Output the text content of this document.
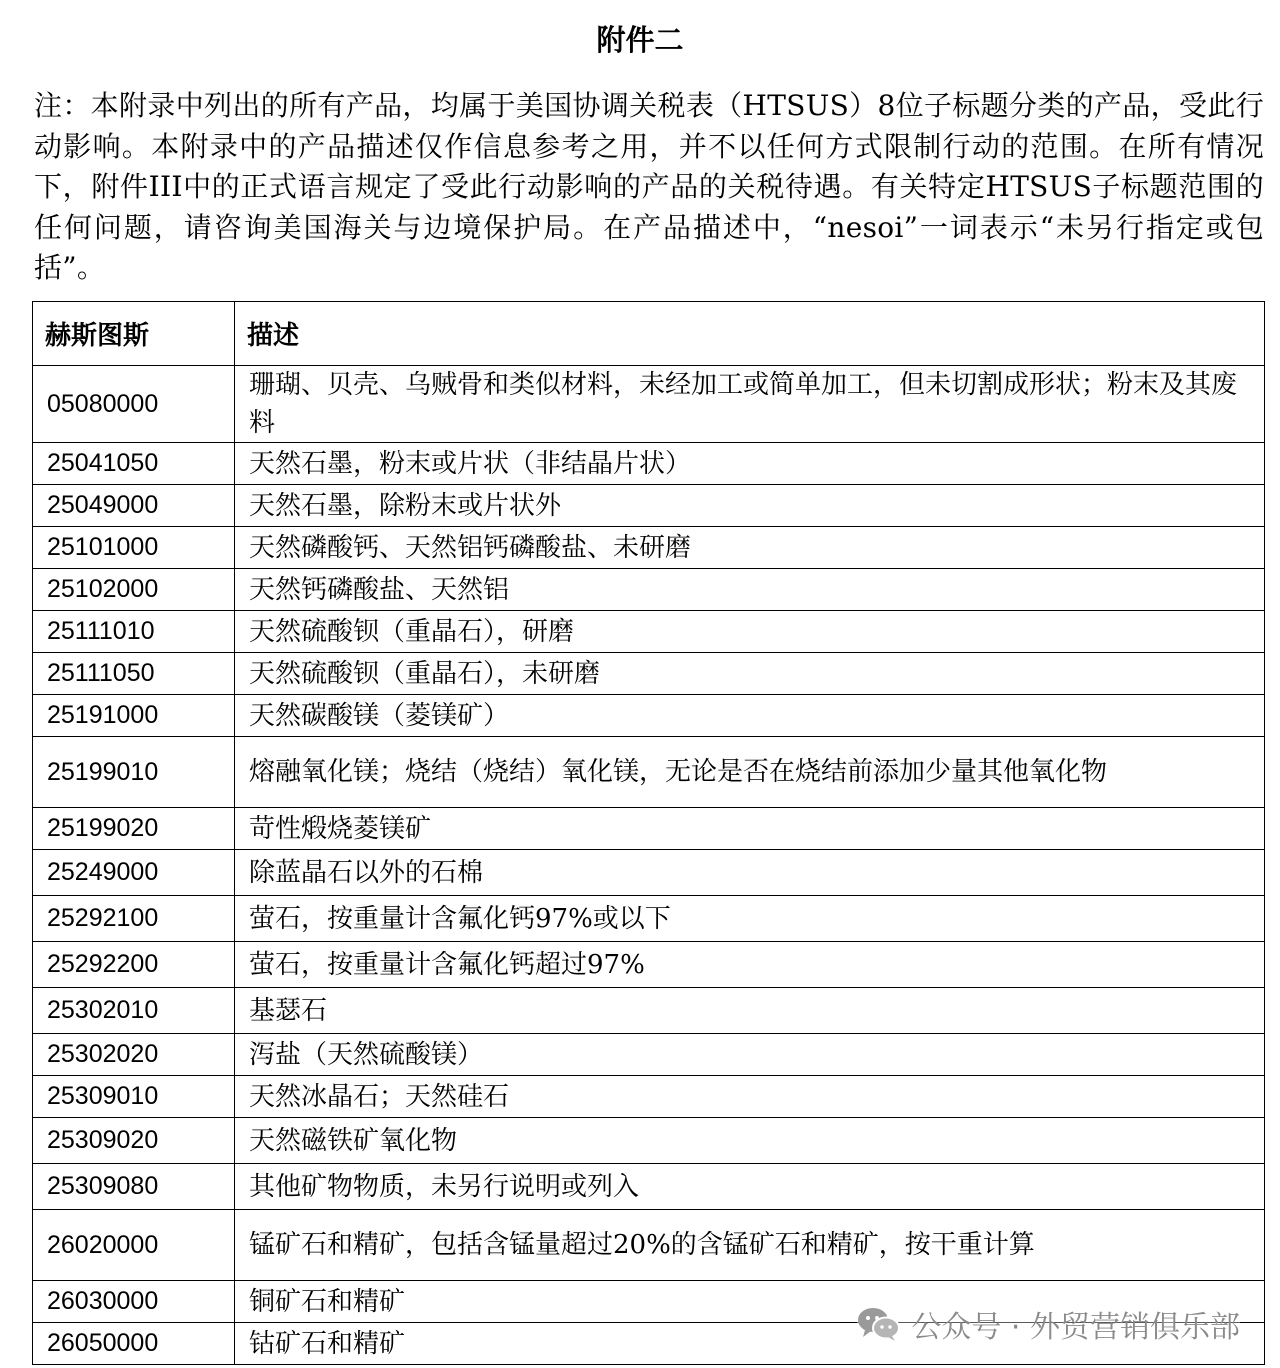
附件二
注：本附录中列出的所有产品，均属于美国协调关税表（HTSUS）8位子标题分类的产品，受此行动影响。本附录中的产品描述仅作信息参考之用，并不以任何方式限制行动的范围。在所有情况下，附件III中的正式语言规定了受此行动影响的产品的关税待遇。有关特定HTSUS子标题范围的任何问题，请咨询美国海关与边境保护局。在产品描述中，“nesoi”一词表示“未另行指定或包括”。
赫斯图斯	描述
05080000	珊瑚、贝壳、乌贼骨和类似材料，未经加工或简单加工，但未切割成形状；粉末及其废料
25041050	天然石墨，粉末或片状（非结晶片状）
25049000	天然石墨，除粉末或片状外
25101000	天然磷酸钙、天然铝钙磷酸盐、未研磨
25102000	天然钙磷酸盐、天然铝
25111010	天然硫酸钡（重晶石），研磨
25111050	天然硫酸钡（重晶石），未研磨
25191000	天然碳酸镁（菱镁矿）
25199010	熔融氧化镁；烧结（烧结）氧化镁，无论是否在烧结前添加少量其他氧化物
25199020	苛性煅烧菱镁矿
25249000	除蓝晶石以外的石棉
25292100	萤石，按重量计含氟化钙97%或以下
25292200	萤石，按重量计含氟化钙超过97%
25302010	基瑟石
25302020	泻盐（天然硫酸镁）
25309010	天然冰晶石；天然硅石
25309020	天然磁铁矿氧化物
25309080	其他矿物物质，未另行说明或列入
26020000	锰矿石和精矿，包括含锰量超过20%的含锰矿石和精矿，按干重计算
26030000	铜矿石和精矿
26050000	钴矿石和精矿	公众号 · 外贸营销俱乐部
